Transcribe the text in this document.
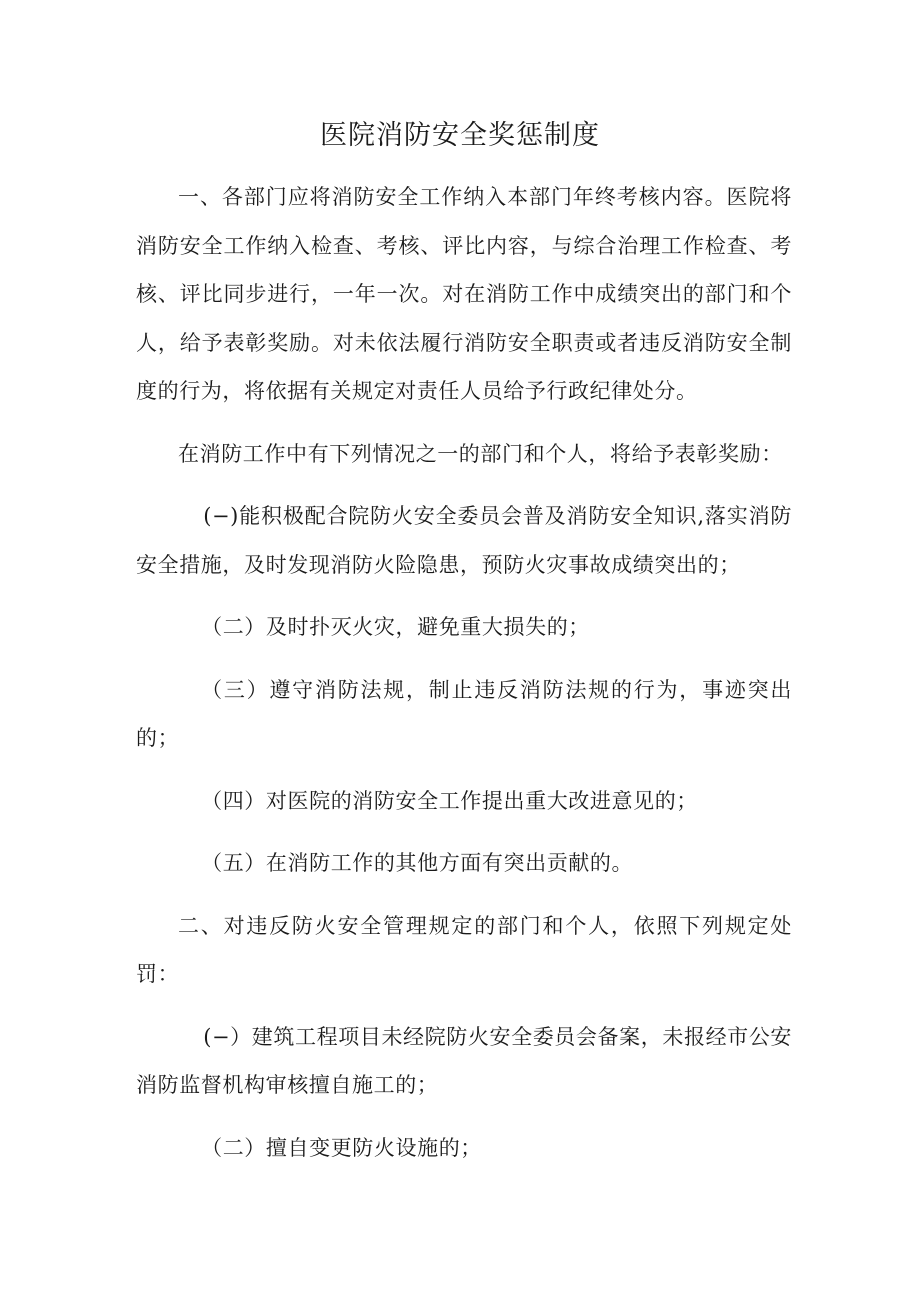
医院消防安全奖惩制度

一、各部门应将消防安全工作纳入本部门年终考核内容。医院将消防安全工作纳入检查、考核、评比内容，与综合治理工作检查、考核、评比同步进行，一年一次。对在消防工作中成绩突出的部门和个人，给予表彰奖励。对未依法履行消防安全职责或者违反消防安全制度的行为，将依据有关规定对责任人员给予行政纪律处分。

在消防工作中有下列情况之一的部门和个人，将给予表彰奖励：

(−)能积极配合院防火安全委员会普及消防安全知识,落实消防安全措施，及时发现消防火险隐患，预防火灾事故成绩突出的；

（二）及时扑灭火灾，避免重大损失的；

（三）遵守消防法规，制止违反消防法规的行为，事迹突出的；

（四）对医院的消防安全工作提出重大改进意见的；

（五）在消防工作的其他方面有突出贡献的。

二、对违反防火安全管理规定的部门和个人，依照下列规定处罚：

(−）建筑工程项目未经院防火安全委员会备案，未报经市公安消防监督机构审核擅自施工的；

（二）擅自变更防火设施的；
